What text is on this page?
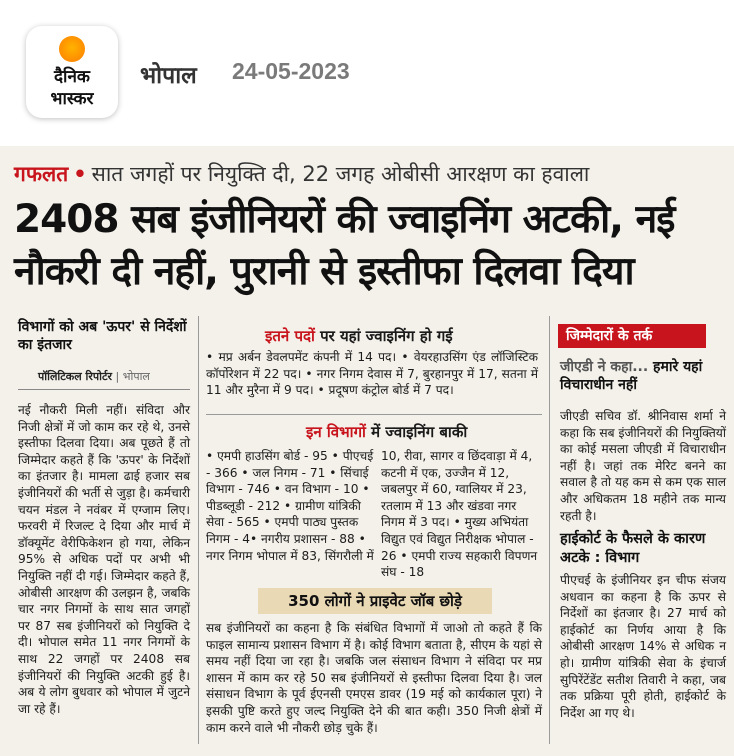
दैनिक
भास्कर
भोपाल 24-05-2023
गफलत • सात जगहों पर नियुक्ति दी, 22 जगह ओबीसी आरक्षण का हवाला
2408 सब इंजीनियरों की ज्वाइनिंग अटकी, नई नौकरी दी नहीं, पुरानी से इस्तीफा दिलवा दिया
विभागों को अब 'ऊपर' से निर्देशों का इंतजार
पॉलिटिकल रिपोर्टर | भोपाल
नई नौकरी मिली नहीं। संविदा और निजी क्षेत्रों में जो काम कर रहे थे, उनसे इस्तीफा दिलवा दिया। अब पूछते हैं तो जिम्मेदार कहते हैं कि 'ऊपर' के निर्देशों का इंतजार है। मामला ढाई हजार सब इंजीनियरों की भर्ती से जुड़ा है। कर्मचारी चयन मंडल ने नवंबर में एग्जाम लिए। फरवरी में रिजल्ट दे दिया और मार्च में डॉक्यूमेंट वेरीफिकेशन हो गया, लेकिन 95% से अधिक पदों पर अभी भी नियुक्ति नहीं दी गई। जिम्मेदार कहते हैं, ओबीसी आरक्षण की उलझन है, जबकि चार नगर निगमों के साथ सात जगहों पर 87 सब इंजीनियरों को नियुक्ति दे दी। भोपाल समेत 11 नगर निगमों के साथ 22 जगहों पर 2408 सब इंजीनियरों की नियुक्ति अटकी हुई है। अब ये लोग बुधवार को भोपाल में जुटने जा रहे हैं।
इतने पदों पर यहां ज्वाइनिंग हो गई
• मप्र अर्बन डेवलपमेंट कंपनी में 14 पद। • वेयरहाउसिंग एंड लॉजिस्टिक कॉर्पोरेशन में 22 पद। • नगर निगम देवास में 7, बुरहानपुर में 17, सतना में 11 और मुरैना में 9 पद। • प्रदूषण कंट्रोल बोर्ड में 7 पद।
इन विभागों में ज्वाइनिंग बाकी
• एमपी हाउसिंग बोर्ड - 95 • पीएचई - 366 • जल निगम - 71 • सिंचाई विभाग - 746 • वन विभाग - 10 • पीडब्लूडी - 212 • ग्रामीण यांत्रिकी सेवा - 565 • एमपी पाठ्य पुस्तक निगम - 4• नगरीय प्रशासन - 88 • नगर निगम भोपाल में 83, सिंगरौली में
10, रीवा, सागर व छिंदवाड़ा में 4, कटनी में एक, उज्जैन में 12, जबलपुर में 60, ग्वालियर में 23, रतलाम में 13 और खंडवा नगर निगम में 3 पद। • मुख्य अभियंता विद्युत एवं विद्युत निरीक्षक भोपाल - 26 • एमपी राज्य सहकारी विपणन संघ - 18
350 लोगों ने प्राइवेट जॉब छोड़े
सब इंजीनियरों का कहना है कि संबंधित विभागों में जाओ तो कहते हैं कि फाइल सामान्य प्रशासन विभाग में है। कोई विभाग बताता है, सीएम के यहां से समय नहीं दिया जा रहा है। जबकि जल संसाधन विभाग ने संविदा पर मप्र शासन में काम कर रहे 50 सब इंजीनियरों से इस्तीफा दिलवा दिया है। जल संसाधन विभाग के पूर्व ईएनसी एमएस डावर (19 मई को कार्यकाल पूरा) ने इसकी पुष्टि करते हुए जल्द नियुक्ति देने की बात कही। 350 निजी क्षेत्रों में काम करने वाले भी नौकरी छोड़ चुके हैं।
जिम्मेदारों के तर्क
जीएडी ने कहा... हमारे यहां विचाराधीन नहीं
जीएडी सचिव डॉ. श्रीनिवास शर्मा ने कहा कि सब इंजीनियरों की नियुक्तियों का कोई मसला जीएडी में विचाराधीन नहीं है। जहां तक मेरिट बनने का सवाल है तो यह कम से कम एक साल और अधिकतम 18 महीने तक मान्य रहती है।
हाईकोर्ट के फैसले के कारण अटके : विभाग
पीएचई के इंजीनियर इन चीफ संजय अधवान का कहना है कि ऊपर से निर्देशों का इंतजार है। 27 मार्च को हाईकोर्ट का निर्णय आया है कि ओबीसी आरक्षण 14% से अधिक न हो। ग्रामीण यांत्रिकी सेवा के इंचार्ज सुपिरेंटेंडेंट सतीश तिवारी ने कहा, जब तक प्रक्रिया पूरी होती, हाईकोर्ट के निर्देश आ गए थे।
